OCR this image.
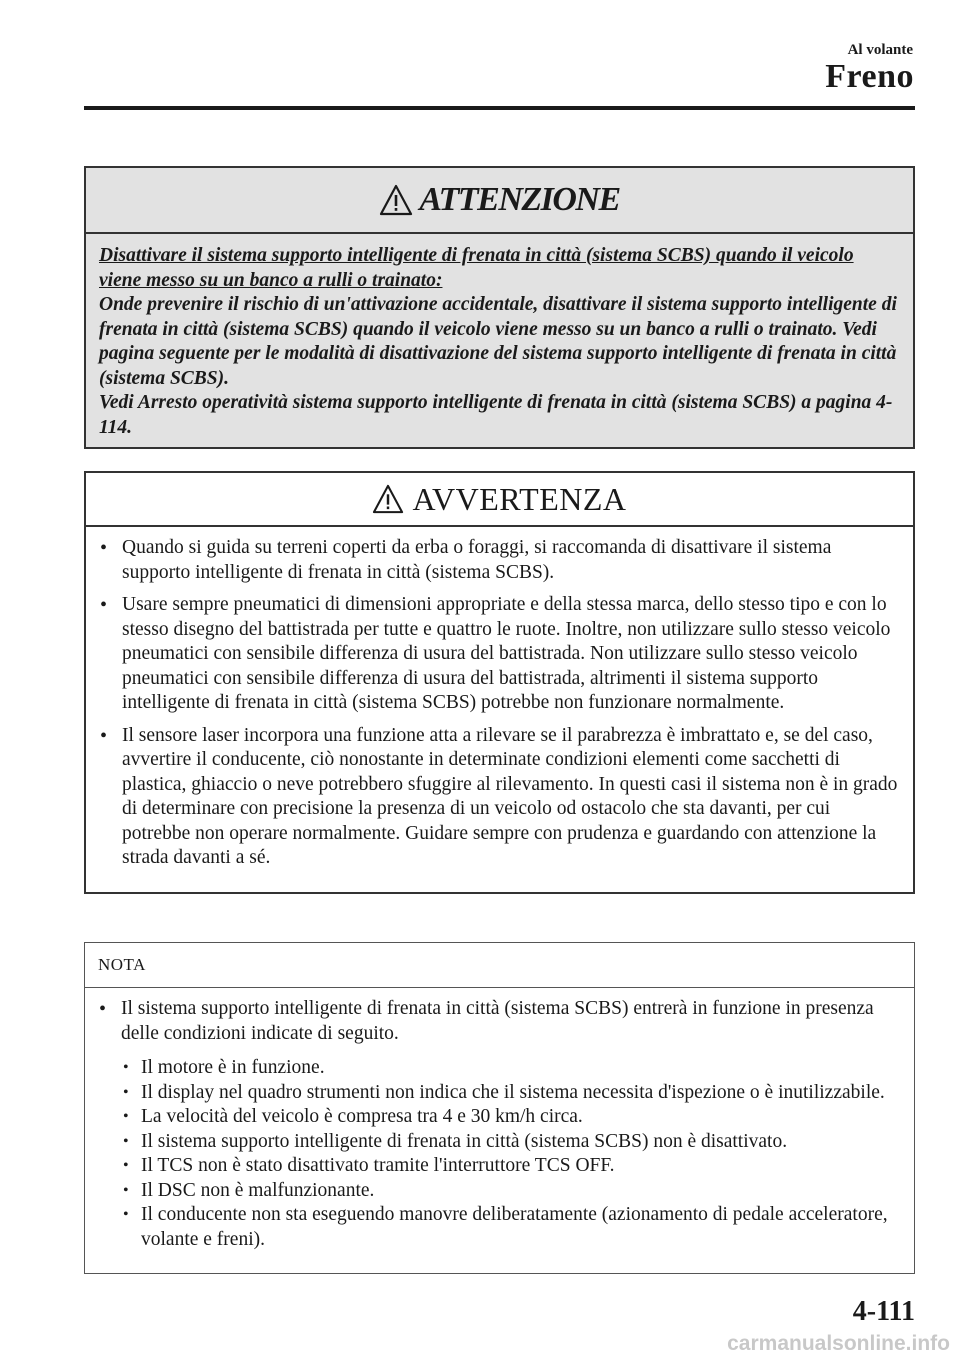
Al volante
Freno
ATTENZIONE

Disattivare il sistema supporto intelligente di frenata in città (sistema SCBS) quando il veicolo viene messo su un banco a rulli o trainato:

Onde prevenire il rischio di un'attivazione accidentale, disattivare il sistema supporto intelligente di frenata in città (sistema SCBS) quando il veicolo viene messo su un banco a rulli o trainato. Vedi pagina seguente per le modalità di disattivazione del sistema supporto intelligente di frenata in città (sistema SCBS).

Vedi Arresto operatività sistema supporto intelligente di frenata in città (sistema SCBS) a pagina 4-114.

AVVERTENZA
• Quando si guida su terreni coperti da erba o foraggi, si raccomanda di disattivare il sistema supporto intelligente di frenata in città (sistema SCBS).
• Usare sempre pneumatici di dimensioni appropriate e della stessa marca, dello stesso tipo e con lo stesso disegno del battistrada per tutte e quattro le ruote. Inoltre, non utilizzare sullo stesso veicolo pneumatici con sensibile differenza di usura del battistrada. Non utilizzare sullo stesso veicolo pneumatici con sensibile differenza di usura del battistrada, altrimenti il sistema supporto intelligente di frenata in città (sistema SCBS) potrebbe non funzionare normalmente.
• Il sensore laser incorpora una funzione atta a rilevare se il parabrezza è imbrattato e, se del caso, avvertire il conducente, ciò nonostante in determinate condizioni elementi come sacchetti di plastica, ghiaccio o neve potrebbero sfuggire al rilevamento. In questi casi il sistema non è in grado di determinare con precisione la presenza di un veicolo od ostacolo che sta davanti, per cui potrebbe non operare normalmente. Guidare sempre con prudenza e guardando con attenzione la strada davanti a sé.
NOTA
• Il sistema supporto intelligente di frenata in città (sistema SCBS) entrerà in funzione in presenza delle condizioni indicate di seguito.
• Il motore è in funzione.
• Il display nel quadro strumenti non indica che il sistema necessita d'ispezione o è inutilizzabile.
• La velocità del veicolo è compresa tra 4 e 30 km/h circa.
• Il sistema supporto intelligente di frenata in città (sistema SCBS) non è disattivato.
• Il TCS non è stato disattivato tramite l'interruttore TCS OFF.
• Il DSC non è malfunzionante.
• Il conducente non sta eseguendo manovre deliberatamente (azionamento di pedale acceleratore, volante e freni).
4-111
carmanualsonline.info
